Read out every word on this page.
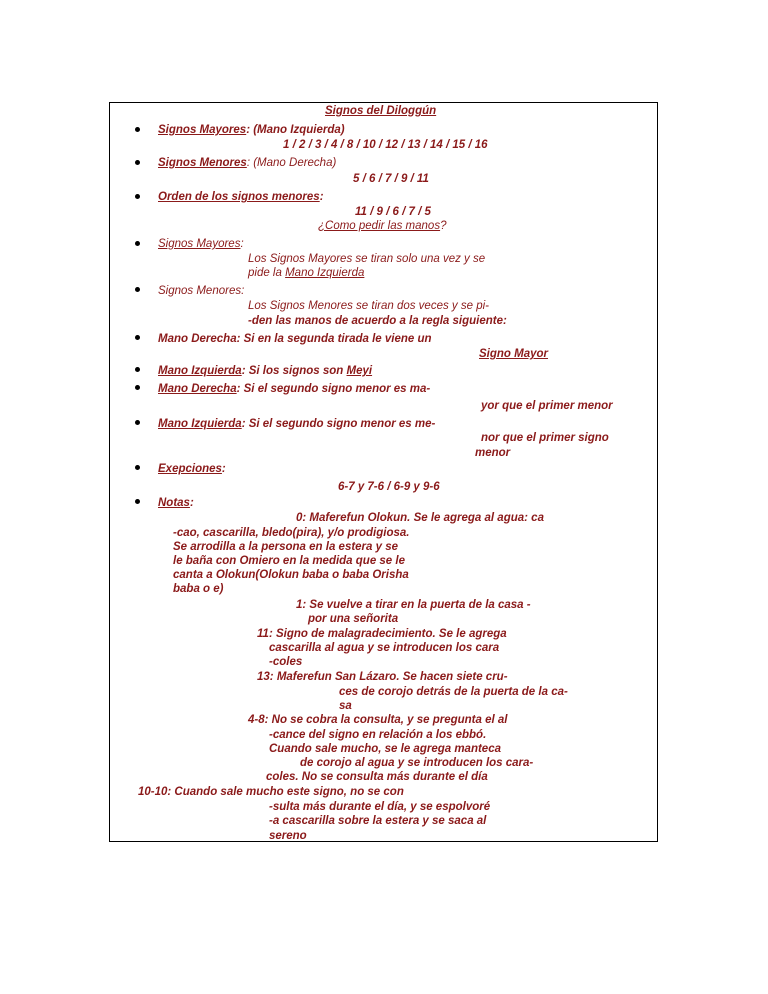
Signos del Diloggún
Signos Mayores: (Mano Izquierda)
1 / 2 / 3 / 4 / 8 / 10 / 12 / 13 / 14 / 15 / 16
Signos Menores: (Mano Derecha)
5 / 6 / 7 / 9 / 11
Orden de los signos menores:
11 / 9 / 6 / 7 / 5
¿Como pedir las manos?
Signos Mayores:
Los Signos Mayores se tiran solo una vez y se
pide la Mano Izquierda
Signos Menores:
Los Signos Menores se tiran dos veces y se pi-
-den las manos de acuerdo a la regla siguiente:
Mano Derecha: Si en la segunda tirada le viene un
Signo Mayor
Mano Izquierda: Si los signos son Meyi
Mano Derecha: Si el segundo signo menor es ma-
yor que el primer menor
Mano Izquierda: Si el segundo signo menor es me-
nor que el primer signo
menor
Exepciones:
6-7 y 7-6 / 6-9 y 9-6
Notas:
0: Maferefun Olokun. Se le agrega al agua: ca
-cao, cascarilla, bledo(pira), y/o prodigiosa.
Se arrodilla a la persona en la estera y se
le baña con Omiero en la medida que se le
canta a Olokun(Olokun baba o baba Orisha
baba o e)
1: Se vuelve a tirar en la puerta de la casa -
por una señorita
11: Signo de malagradecimiento. Se le agrega
cascarilla al agua y se introducen los cara
-coles
13: Maferefun San Lázaro. Se hacen siete cru-
ces de corojo detrás de la puerta de la ca-
sa
4-8: No se cobra la consulta, y se pregunta el al
-cance del signo en relación a los ebbó.
Cuando sale mucho, se le agrega manteca
de corojo al agua y se introducen los cara-
coles. No se consulta más durante el día
10-10: Cuando sale mucho este signo, no se con
-sulta más durante el día, y se espolvoré
-a cascarilla sobre la estera y se saca al
sereno
